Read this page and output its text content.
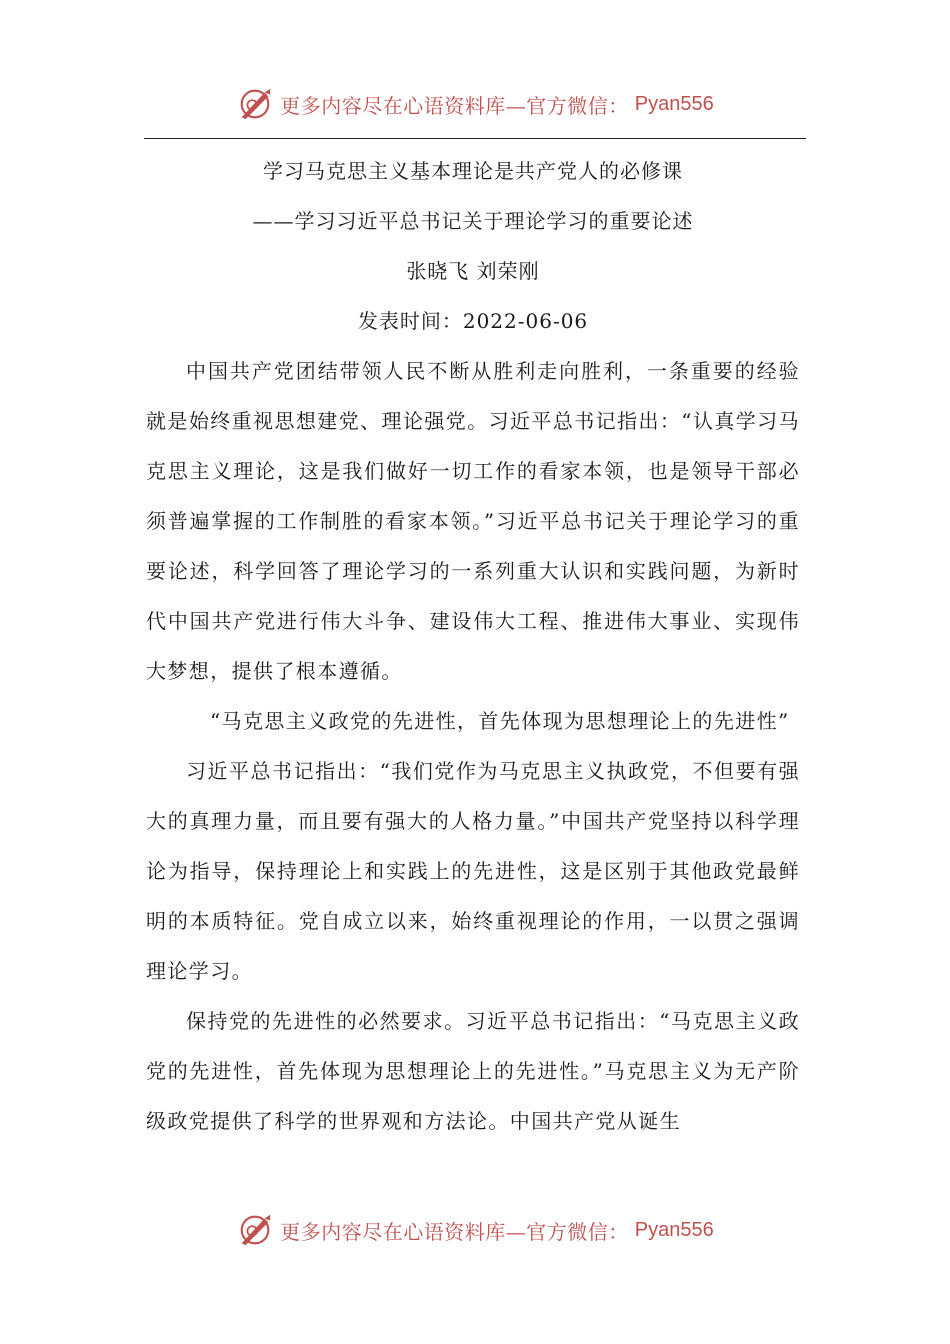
更多内容尽在心语资料库—官方微信： Pyan556
学习马克思主义基本理论是共产党人的必修课
——学习习近平总书记关于理论学习的重要论述
张晓飞 刘荣刚
发表时间：2022-06-06

中国共产党团结带领人民不断从胜利走向胜利，一条重要的经验就是始终重视思想建党、理论强党。习近平总书记指出：“认真学习马克思主义理论，这是我们做好一切工作的看家本领，也是领导干部必须普遍掌握的工作制胜的看家本领。”习近平总书记关于理论学习的重要论述，科学回答了理论学习的一系列重大认识和实践问题，为新时代中国共产党进行伟大斗争、建设伟大工程、推进伟大事业、实现伟大梦想，提供了根本遵循。

“马克思主义政党的先进性，首先体现为思想理论上的先进性”

习近平总书记指出：“我们党作为马克思主义执政党，不但要有强大的真理力量，而且要有强大的人格力量。”中国共产党坚持以科学理论为指导，保持理论上和实践上的先进性，这是区别于其他政党最鲜明的本质特征。党自成立以来，始终重视理论的作用，一以贯之强调理论学习。

保持党的先进性的必然要求。习近平总书记指出：“马克思主义政党的先进性，首先体现为思想理论上的先进性。”马克思主义为无产阶级政党提供了科学的世界观和方法论。中国共产党从诞生

更多内容尽在心语资料库—官方微信： Pyan556
